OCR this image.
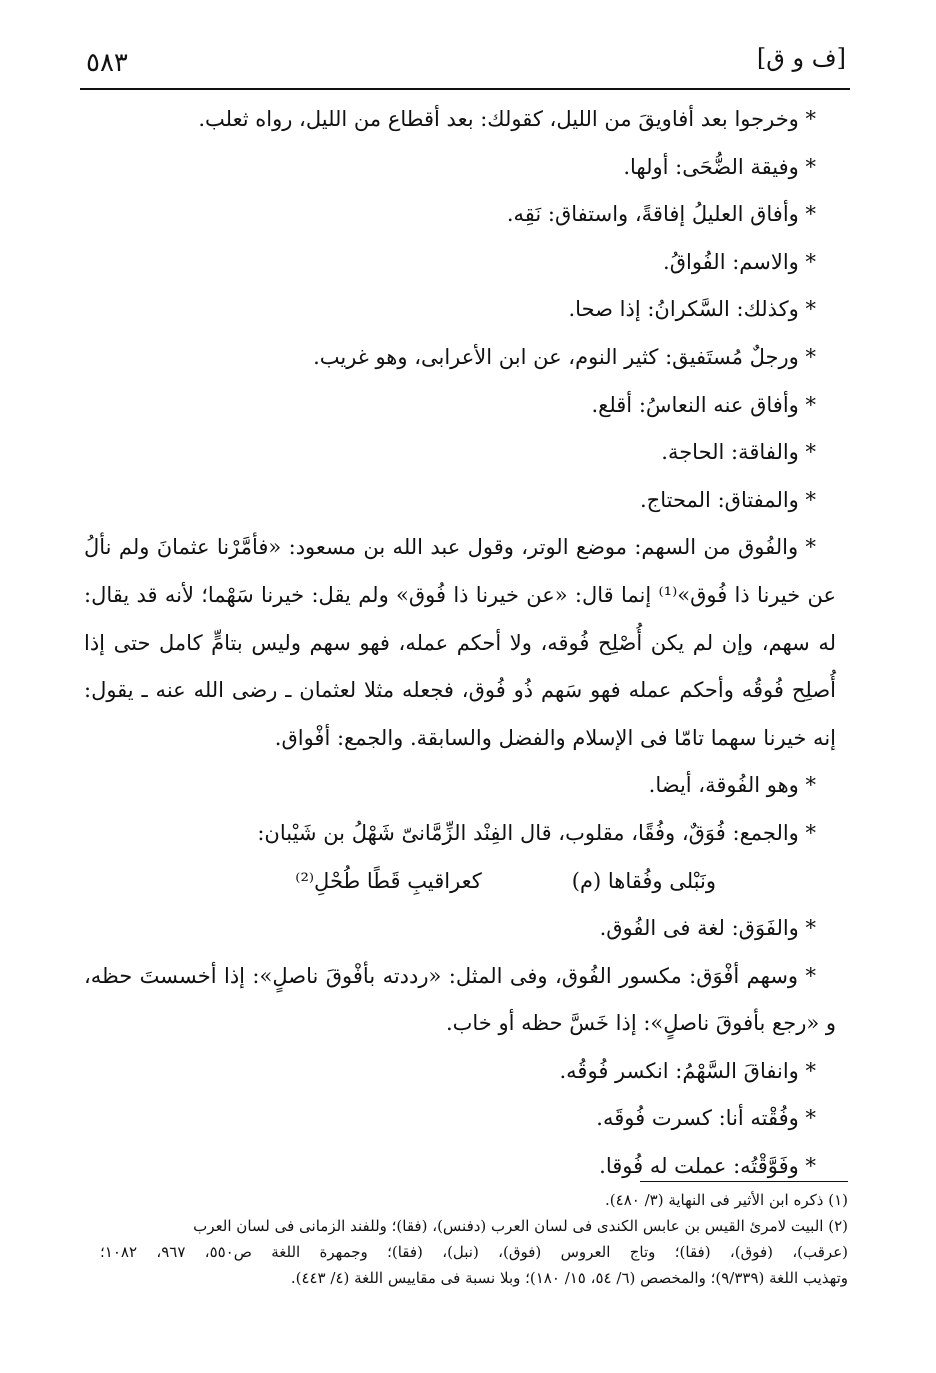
٥٨٣	[ف و ق]

* وخرجوا بعد أفاويقَ من الليل، كقولك: بعد أقطاع من الليل، رواه ثعلب.

* وفيقة الضُّحَى: أولها.

* وأفاق العليلُ إفاقةً، واستفاق: نَقِه.

* والاسم: الفُواقُ.

* وكذلك: السَّكرانُ: إذا صحا.

* ورجلٌ مُستَفيق: كثير النوم، عن ابن الأعرابى، وهو غريب.

* وأفاق عنه النعاسُ: أقلع.

* والفاقة: الحاجة.

* والمفتاق: المحتاج.

* والفُوق من السهم: موضع الوتر، وقول عبد الله بن مسعود: «فأمَّرْنا عثمانَ ولم نألُ
عن خيرنا ذا فُوق»⁽¹⁾ إنما قال: «عن خيرنا ذا فُوق» ولم يقل: خيرنا سَهْما؛ لأنه قد يقال:
له سهم، وإن لم يكن أُصْلِح فُوقه، ولا أحكم عمله، فهو سهم وليس بتامٍّ كامل حتى إذا
أُصلِح فُوقُه وأحكم عمله فهو سَهم ذُو فُوق، فجعله مثلا لعثمان ـ رضى الله عنه ـ يقول:
إنه خيرنا سهما تامّا فى الإسلام والفضل والسابقة. والجمع: أفْواق.

* وهو الفُوقة، أيضا.

* والجمع: فُوَقٌ، وفُقًا، مقلوب، قال الفِنْد الزِّمَّانىّ شَهْلُ بن شَيْبان:

ونَبْلى وفُقاها (م)
كعراقيبِ قَطًا طُحْلِ⁽²⁾

* والفَوَق: لغة فى الفُوق.

* وسهم أفْوَق: مكسور الفُوق، وفى المثل: «رددته بأفْوقَ ناصلٍ»: إذا أخسستَ حظه،
و «رجع بأفوقَ ناصلٍ»: إذا خَسَّ حظه أو خاب.

* وانفاقَ السَّهْمُ: انكسر فُوقُه.

* وفُقْته أنا: كسرت فُوقَه.

* وفَوَّقْتُه: عملت له فُوقا.

(١) ذكره ابن الأثير فى النهاية (٣/ ٤٨٠).
(٢) البيت لامرئ القيس بن عابس الكندى فى لسان العرب (دفنس)، (فقا)؛ وللفند الزمانى فى لسان العرب
(عرقب)، (فوق)، (فقا)؛ وتاج العروس (فوق)، (نبل)، (فقا)؛ وجمهرة اللغة ص٥٥٠، ٩٦٧، ١٠٨٢؛
وتهذيب اللغة (٩/٣٣٩)؛ والمخصص (٦/ ٥٤، ١٥/ ١٨٠)؛ وبلا نسبة فى مقاييس اللغة (٤/ ٤٤٣).
